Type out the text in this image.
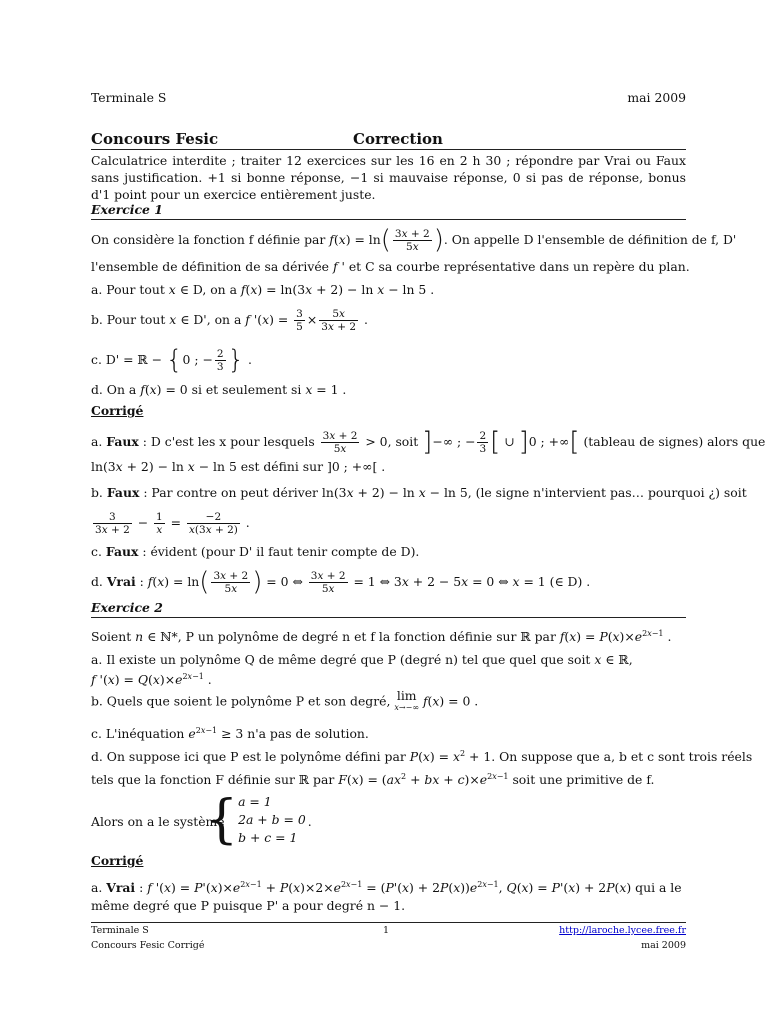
Terminale S	mai 2009
Concours Fesic	Correction
Calculatrice interdite ; traiter 12 exercices sur les 16 en 2 h 30 ; répondre par Vrai ou Faux sans justification. +1 si bonne réponse, −1 si mauvaise réponse, 0 si pas de réponse, bonus d'1 point pour un exercice entièrement juste.
Exercice 1
On considère la fonction f définie par $f(x) = \ln( \frac{3x + 2}{5x}$ ). On appelle D l'ensemble de définition de f, D'
l'ensemble de définition de sa dérivée f ' et C sa courbe représentative dans un repère du plan.
a. Pour tout x ∈ D, on a f(x) = ln(3x + 2) − ln x − ln 5 .
b. Pour tout x ∈ D', on a f '$(x) = \frac{3}{5} \times \frac{5x}{3x + 2}$ .
c. D' = ℝ − {0 ; − $\frac{2}{3}$ } .
d. On a f(x) = 0 si et seulement si x = 1 .
Corrigé
a. Faux : D c'est les x pour lesquels $\frac{3x + 2}{5x} > 0$, soit ]−∞ ; − $\frac{2}{3}$ [ ∪ ]0 ; +∞[ (tableau de signes) alors que
ln(3x + 2) − ln x − ln 5 est défini sur ]0 ; +∞[ .
b. Faux : Par contre on peut dériver ln(3x + 2) − ln x − ln 5, (le signe n'intervient pas… pourquoi ¿) soit
$\frac{3}{3x + 2} - \frac{1}{x} = \frac{-2}{x(3x + 2)}$ .
c. Faux : évident (pour D' il faut tenir compte de D).
d. Vrai : $f(x) = \ln( \frac{3x + 2}{5x}$ ) = 0 ⇔ $\frac{3x + 2}{5x} = 1$ ⇔ 3x + 2 − 5x = 0 ⇔ x = 1 (∈ D) .
Exercice 2
Soient n ∈ ℕ*, P un polynôme de degré n et f la fonction définie sur ℝ par $f(x) = P(x)\times e^{2x-1}$ .
a. Il existe un polynôme Q de même degré que P (degré n) tel que quel que soit x ∈ ℝ,
f '$(x) = Q(x)\times e^{2x-1}$ .
b. Quels que soient le polynôme P et son degré, lim
x→−∞ f(x) = 0 .
c. L'inéquation $e^{2x-1} \ge 3$ n'a pas de solution.
d. On suppose ici que P est le polynôme défini par $P(x) = x^2 + 1$. On suppose que a, b et c sont trois réels
tels que la fonction F définie sur ℝ par $F(x) = (ax^2$ + bx + $c)\times e^{2x-1}$ soit une primitive de f.
Alors on a le système
{ a = 1
2a + b = 0
b + c = 1
.
Corrigé
a. Vrai : f '$(x) = P'(x)\times e^{2x-1} + P(x)\times 2\times e^{2x-1} = (P'(x) + 2P(x))e^{2x-1}$, Q(x) = P'(x) + 2P(x) qui a le
même degré que P puisque P' a pour degré n − 1.
Terminale S	1	http://laroche.lycee.free.fr
Concours Fesic Corrigé	mai 2009
